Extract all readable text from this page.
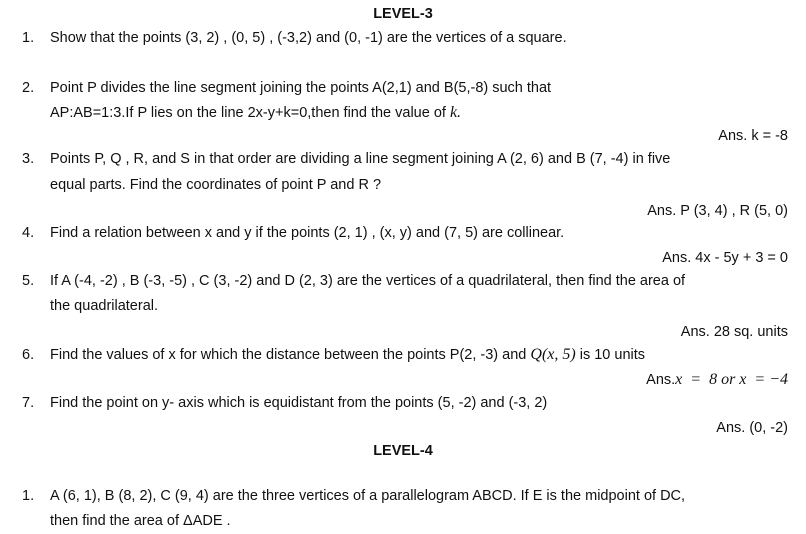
LEVEL-3
1. Show that the points (3, 2) , (0, 5) , (-3,2) and (0, -1) are the vertices of a square.
2. Point P divides the line segment joining the points A(2,1) and B(5,-8) such that
AP:AB=1:3.If P lies on the line 2x-y+k=0,then find the value of k.
Ans. k = -8
3. Points P, Q , R, and S in that order are dividing a line segment joining A (2, 6) and B (7, -4) in five
equal parts. Find the coordinates of point P and R ?
Ans. P (3, 4) , R (5, 0)
4. Find a relation between x and y if the points (2, 1) , (x, y) and (7, 5) are collinear.
Ans. 4x - 5y + 3 = 0
5. If A (-4, -2) , B (-3, -5) , C (3, -2) and D (2, 3) are the vertices of a quadrilateral, then find the area of
the quadrilateral.
Ans. 28 sq. units
6. Find the values of x for which the distance between the points P(2, -3) and Q(x, 5) is 10 units
Ans.x  =  8 or x  = −4
7. Find the point on y- axis which is equidistant from the points (5, -2) and (-3, 2)
Ans. (0, -2)
LEVEL-4
1. A (6, 1), B (8, 2), C (9, 4) are the three vertices of a parallelogram ABCD. If E is the midpoint of DC,
then find the area of ΔADE .
